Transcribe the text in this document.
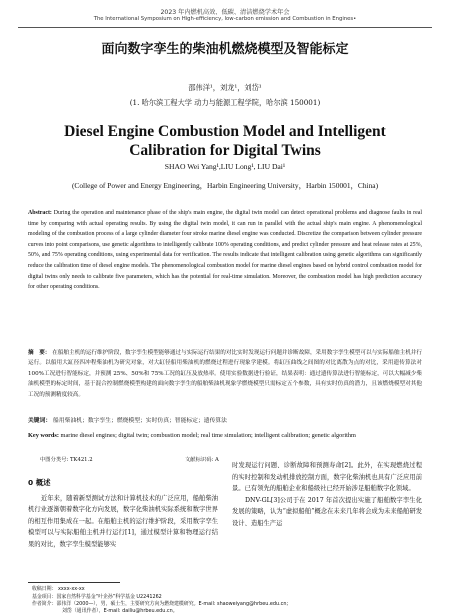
2023 年内燃机高效、低碳、清洁燃烧学术年会
The International Symposium on High-efficiency, low-carbon emission and Combustion in Engines•
面向数字孪生的柴油机燃烧模型及智能标定
邵伟洋¹，刘龙¹，刘岱¹
(1. 哈尔滨工程大学 动力与能源工程学院，哈尔滨 150001)
Diesel Engine Combustion Model and Intelligent
Calibration for Digital Twins
SHAO Wei Yang¹,LIU Long¹, LIU Dai¹
(College of Power and Energy Engineering，Harbin Engineering University，Harbin 150001，China)
Abstract: During the operation and maintenance phase of the ship's main engine, the digital twin model can detect operational problems and diagnose faults in real time by comparing with actual operating results. By using the digital twin model, it can run in parallel with the actual ship's main engine. A phenomenological modeling of the combustion process of a large cylinder diameter four stroke marine diesel engine was conducted. Discretize the comparison between cylinder pressure curves into point comparisons, use genetic algorithms to intelligently calibrate 100% operating conditions, and predict cylinder pressure and heat release rates at 25%, 50%, and 75% operating conditions, using experimental data for verification. The results indicate that intelligent calibration using genetic algorithms can significantly reduce the calibration time of diesel engine models. The phenomenological combustion model for marine diesel engines based on hybrid control combustion model for digital twins only needs to calibrate five parameters, which has the potential for real-time simulation. Moreover, the combustion model has high prediction accuracy for other operating conditions.
摘　要： 在船舶主机的运行维护阶段，数字孪生模型能够通过与实际运行结果的对比实时发现运行问题并诊断故障，采用数字孪生模型可以与实际船舶主机并行运行。以船用大缸径四冲程柴油机为研究对象，对大缸径船用柴油机的燃烧过程进行现象学建模。将缸压曲线之间图的对比离散为点的对比，采用遗传算法对 100%工况进行智能标定，并预测 25%、50%和 75%工况的缸压及放热率。使用实验数据进行验证，结果表明：通过遗传算法进行智能标定，可以大幅减少柴油机模型的标定时间，基于混合控制燃烧模型构建的面向数字孪生的船舶柴油机现象学燃烧模型只需标定五个参数，具有实时仿真的潜力，且该燃烧模型对其他工况的预测精度较高。
关键词： 船用柴油机；数字孪生；燃烧模型；实时仿真；智能标定；遗传算法
Key words: marine diesel engines; digital twin; combustion model; real time simulation; intelligent calibration; genetic algorithm
中图分类号: TK421.2	文献标识码: A
0 概述
近年来，随着新型测试方法和计算机技术的广泛应用，船舶柴油机行业逐渐朝着数字化方向发展，数字化柴油机实际系统和数字世界的相互作用集成在一起。在船舶主机的运行维护阶段，采用数字孪生模型可以与实际船舶主机并行运行[1]，通过模型计算和物理运行结果的对比，数字孪生模型能够实
时发现运行问题、诊断故障和预测寿命[2]。此外，在实现燃烧过程的实时控制和发动机排放控制方面，数字化柴油机也具有广泛应用前景。已有领先的船舶企业和船级社已经开始涉足船舶数字化领域。
DNV-GL[3]公司于在 2017 年首次提出实施了船舶数字孪生化发展的策略，认为“虚拟船舶”概念在未来几年将会成为未来船舶研发设计、造船生产运
收稿日期： xxxx-xx-xx
基金项目：国家自然科学基金“叶企孙”科学基金 U2241262
作者简介：邵伟洋（2000—），男，硕士生，主要研究方向为燃烧建模研究。E-mail: shaoweiyang@hrbeu.edu.cn;
刘岱（通讯作者），E-mail: dailiu@hrbeu.edu.cn。
